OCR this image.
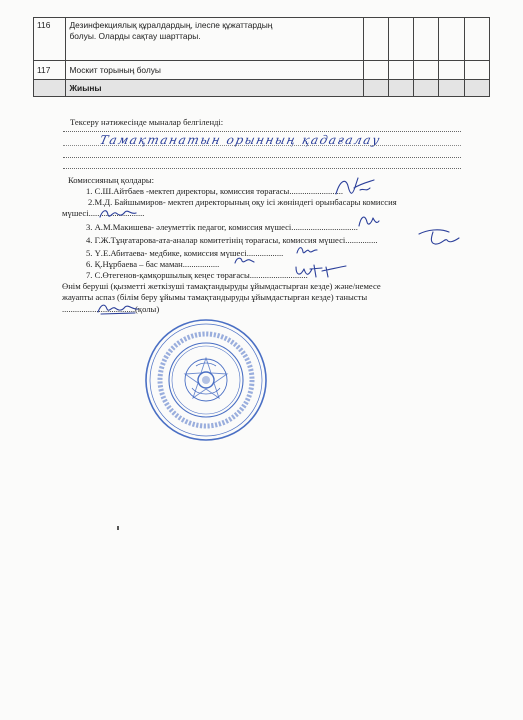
116	Дезинфекциялық құралдардың, ілеспе құжаттардың
болуы. Оларды сақтау шарттары.					
117	Москит торының болуы					
	Жиыны					
Тексеру нәтижесінде мыналар белгіленді:
Тамақтанатын орынның қадағалау
Комиссияның қолдары:
1. С.Ш.Айтбаев -мектеп директоры, комиссия төрағасы.........................
2.М.Д. Байшымиров- мектеп директорының оқу ісі жөніндегі орынбасары комиссия
мүшесі..........................
3. А.М.Макишева- әлеуметтік педагог, комиссия мүшесі...............................
4. Г.Ж.Тұңғатарова-ата-аналар комитетінің төрағасы, комиссия мүшесі...............
5. Ү.Е.Абитаева- медбике, комиссия мүшесі.................
6. Қ.Нұрбаева – бас маман.................
7. С.Өтегенов-қамқоршылық кеңес төрағасы...........................
Өнім беруші (қызметті жеткізуші тамақтандыруды ұйымдастырған кезде) және/немесе
жауапты аспаз (білім беру ұйымы тамақтандыруды ұйымдастырған кезде) танысты
..................................(қолы)
